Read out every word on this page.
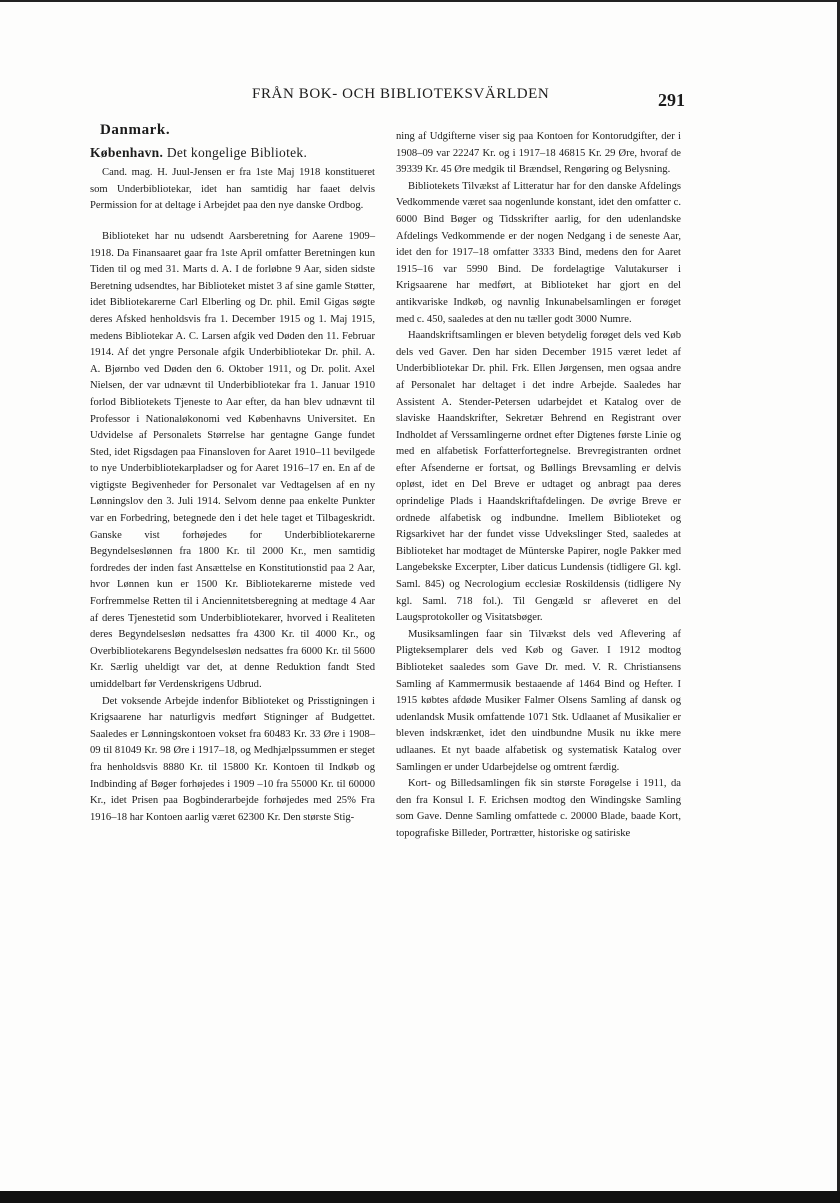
FRÅN BOK- OCH BIBLIOTEKSVÄRLDEN	291
Danmark.
København. Det kongelige Bibliotek.

Cand. mag. H. Juul-Jensen er fra 1ste Maj 1918 konstitueret som Underbibliotekar, idet han samtidig har faaet delvis Permission for at deltage i Arbejdet paa den nye danske Ordbog.

Biblioteket har nu udsendt Aarsberetning for Aarene 1909–1918. Da Finansaaret gaar fra 1ste April omfatter Beretningen kun Tiden til og med 31. Marts d. A. I de forløbne 9 Aar, siden sidste Beretning udsendtes, har Biblioteket mistet 3 af sine gamle Støtter, idet Bibliotekarerne Carl Elberling og Dr. phil. Emil Gigas søgte deres Afsked henholdsvis fra 1. December 1915 og 1. Maj 1915, medens Bibliotekar A. C. Larsen afgik ved Døden den 11. Februar 1914. Af det yngre Personale afgik Underbibliotekar Dr. phil. A. A. Bjørnbo ved Døden den 6. Oktober 1911, og Dr. polit. Axel Nielsen, der var udnævnt til Underbibliotekar fra 1. Januar 1910 forlod Bibliotekets Tjeneste to Aar efter, da han blev udnævnt til Professor i Nationaløkonomi ved Københavns Universitet. En Udvidelse af Personalets Størrelse har gentagne Gange fundet Sted, idet Rigsdagen paa Finansloven for Aaret 1910–11 bevilgede to nye Underbibliotekarpladser og for Aaret 1916–17 en. En af de vigtigste Begivenheder for Personalet var Vedtagelsen af en ny Lønningslov den 3. Juli 1914. Selvom denne paa enkelte Punkter var en Forbedring, betegnede den i det hele taget et Tilbageskridt. Ganske vist forhøjedes for Underbibliotekarerne Begyndelseslønnen fra 1800 Kr. til 2000 Kr., men samtidig fordredes der inden fast Ansættelse en Konstitutionstid paa 2 Aar, hvor Lønnen kun er 1500 Kr. Bibliotekarerne mistede ved Forfremmelse Retten til i Anciennitetsberegning at medtage 4 Aar af deres Tjenestetid som Underbibliotekarer, hvorved i Realiteten deres Begyndelsesløn nedsattes fra 4300 Kr. til 4000 Kr., og Overbibliotekarens Begyndelsesløn nedsattes fra 6000 Kr. til 5600 Kr. Særlig uheldigt var det, at denne Reduktion fandt Sted umiddelbart før Verdenskrigens Udbrud.

Det voksende Arbejde indenfor Biblioteket og Prisstigningen i Krigsaarene har naturligvis medført Stigninger af Budgettet. Saaledes er Lønningskontoen vokset fra 60483 Kr. 33 Øre i 1908–09 til 81049 Kr. 98 Øre i 1917–18, og Medhjælpssummen er steget fra henholdsvis 8880 Kr. til 15800 Kr. Kontoen til Indkøb og Indbinding af Bøger forhøjedes i 1909 –10 fra 55000 Kr. til 60000 Kr., idet Prisen paa Bogbinderarbejde forhøjedes med 25% Fra 1916–18 har Kontoen aarlig været 62300 Kr. Den største Stig-

ning af Udgifterne viser sig paa Kontoen for Kontorudgifter, der i 1908–09 var 22247 Kr. og i 1917–18 46815 Kr. 29 Øre, hvoraf de 39339 Kr. 45 Øre medgik til Brændsel, Rengøring og Belysning.

Bibliotekets Tilvækst af Litteratur har for den danske Afdelings Vedkommende været saa nogenlunde konstant, idet den omfatter c. 6000 Bind Bøger og Tidsskrifter aarlig, for den udenlandske Afdelings Vedkommende er der nogen Nedgang i de seneste Aar, idet den for 1917–18 omfatter 3333 Bind, medens den for Aaret 1915–16 var 5990 Bind. De fordelagtige Valutakurser i Krigsaarene har medført, at Biblioteket har gjort en del antikvariske Indkøb, og navnlig Inkunabelsamlingen er forøget med c. 450, saaledes at den nu tæller godt 3000 Numre.

Haandskriftsamlingen er bleven betydelig forøget dels ved Køb dels ved Gaver. Den har siden December 1915 været ledet af Underbibliotekar Dr. phil. Frk. Ellen Jørgensen, men ogsaa andre af Personalet har deltaget i det indre Arbejde. Saaledes har Assistent A. Stender-Petersen udarbejdet et Katalog over de slaviske Haandskrifter, Sekretær Behrend en Registrant over Indholdet af Verssamlingerne ordnet efter Digtenes første Linie og med en alfabetisk Forfatterfortegnelse. Brevregistranten ordnet efter Afsenderne er fortsat, og Bøllings Brevsamling er delvis opløst, idet en Del Breve er udtaget og anbragt paa deres oprindelige Plads i Haandskriftafdelingen. De øvrige Breve er ordnede alfabetisk og indbundne. Imellem Biblioteket og Rigsarkivet har der fundet visse Udvekslinger Sted, saaledes at Biblioteket har modtaget de Münterske Papirer, nogle Pakker med Langebekske Excerpter, Liber daticus Lundensis (tidligere Gl. kgl. Saml. 845) og Necrologium ecclesiæ Roskildensis (tidligere Ny kgl. Saml. 718 fol.). Til Gengæld sr afleveret en del Laugsprotokoller og Visitatsbøger.

Musiksamlingen faar sin Tilvækst dels ved Aflevering af Pligteksemplarer dels ved Køb og Gaver. I 1912 modtog Biblioteket saaledes som Gave Dr. med. V. R. Christiansens Samling af Kammermusik bestaaende af 1464 Bind og Hefter. I 1915 købtes afdøde Musiker Falmer Olsens Samling af dansk og udenlandsk Musik omfattende 1071 Stk. Udlaanet af Musikalier er bleven indskrænket, idet den uindbundne Musik nu ikke mere udlaanes. Et nyt baade alfabetisk og systematisk Katalog over Samlingen er under Udarbejdelse og omtrent færdig.

Kort- og Billedsamlingen fik sin største Forøgelse i 1911, da den fra Konsul I. F. Erichsen modtog den Windingske Samling som Gave. Denne Samling omfattede c. 20000 Blade, baade Kort, topografiske Billeder, Portrætter, historiske og satiriske
